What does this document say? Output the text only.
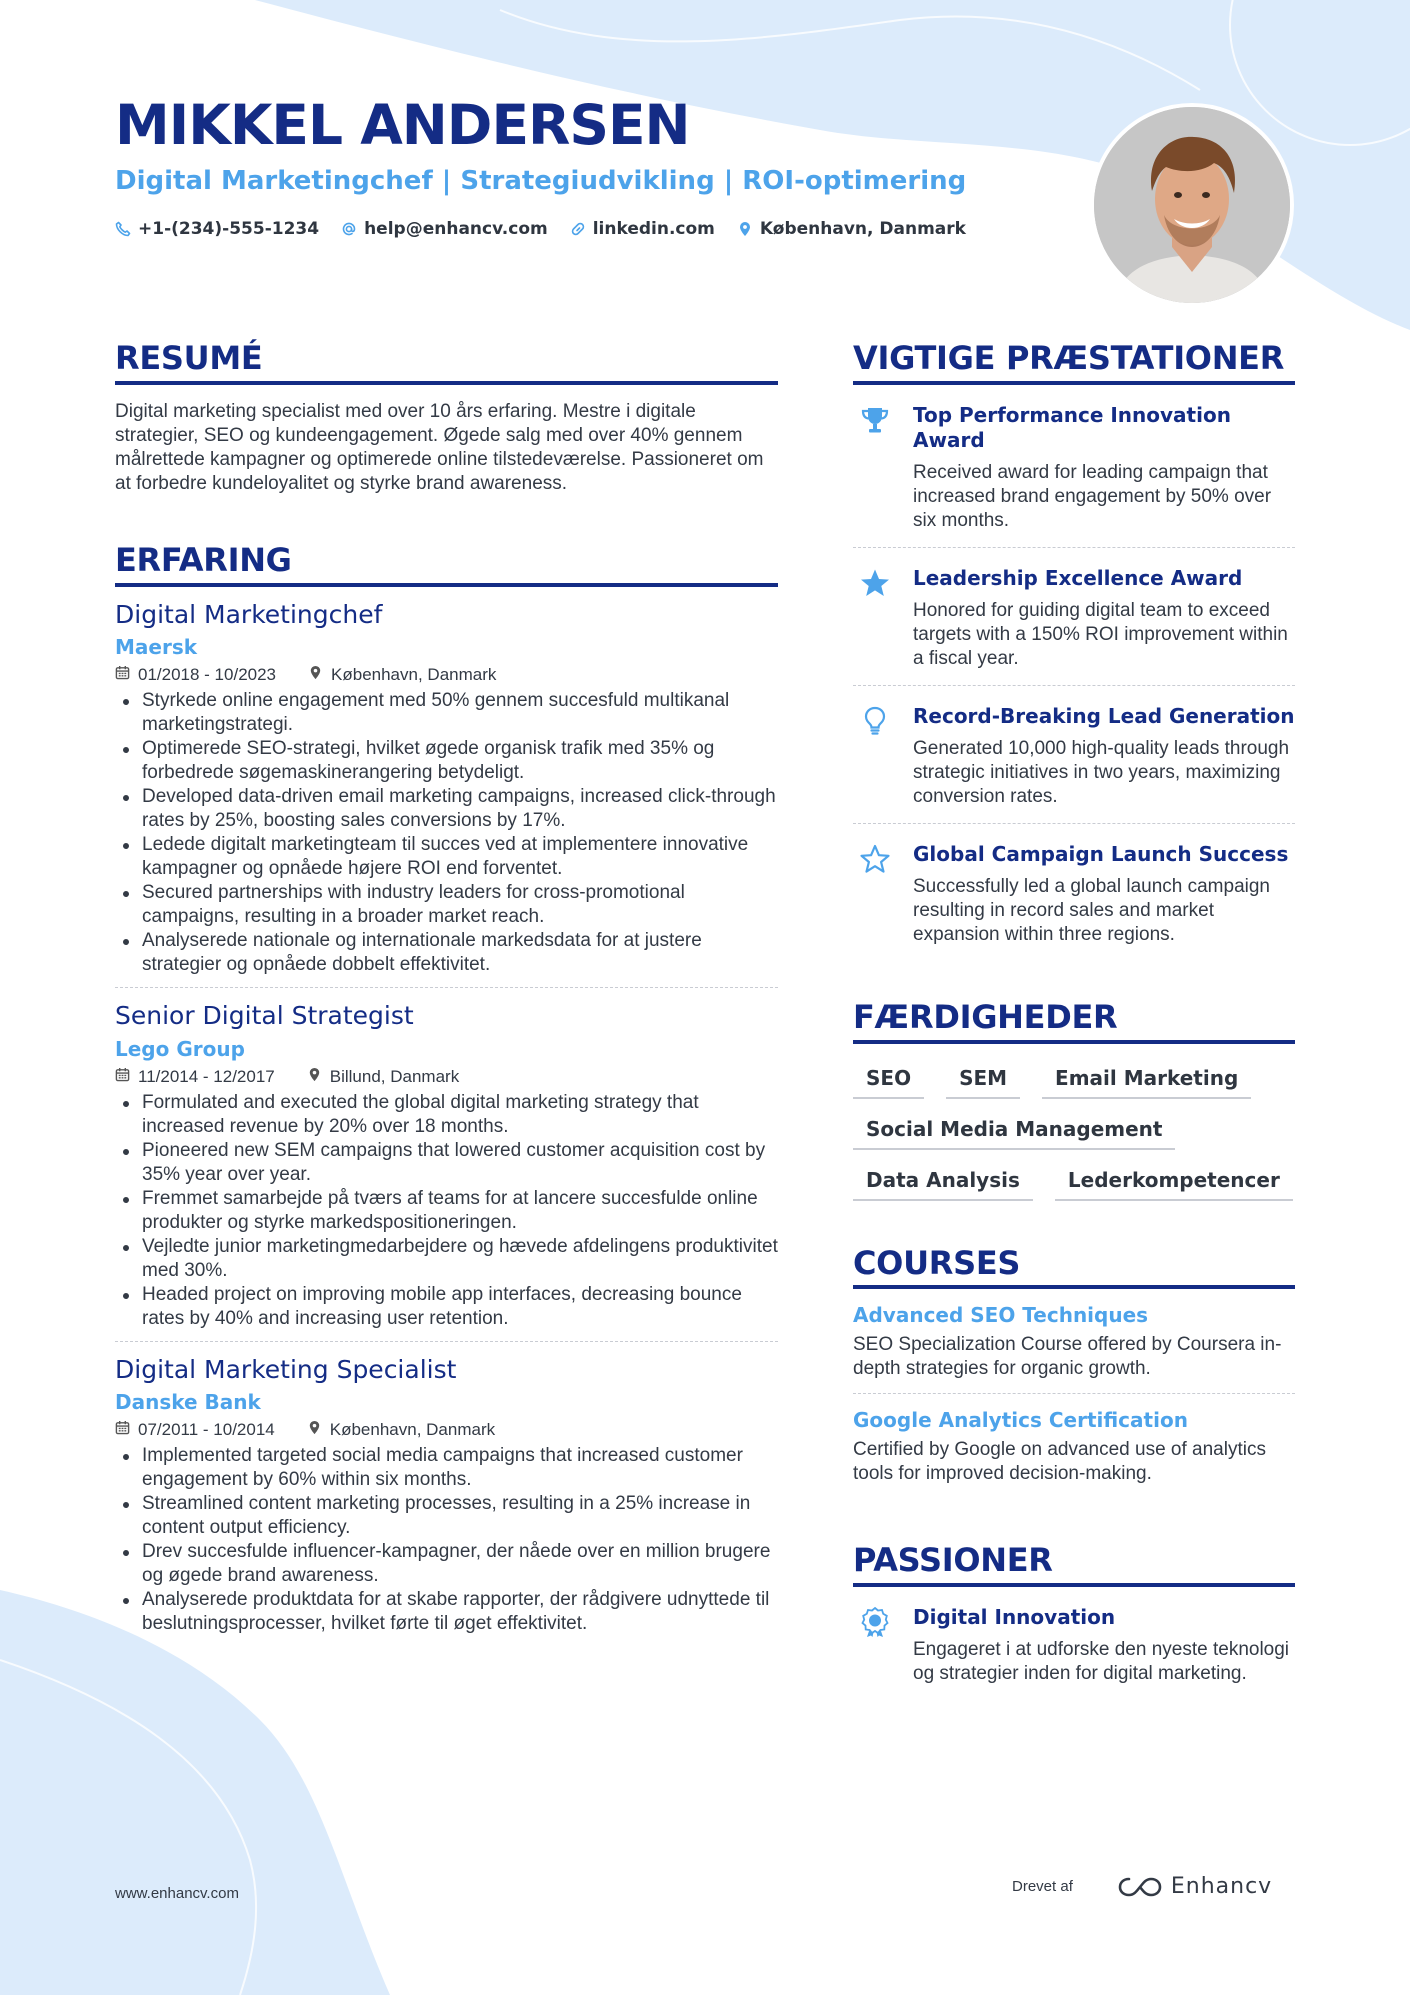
MIKKEL ANDERSEN
Digital Marketingchef | Strategiudvikling | ROI-optimering
+1-(234)-555-1234	help@enhancv.com	linkedin.com	København, Danmark
RESUMÉ

Digital marketing specialist med over 10 års erfaring. Mestre i digitale strategier, SEO og kundeengagement. Øgede salg med over 40% gennem målrettede kampagner og optimerede online tilstedeværelse. Passioneret om at forbedre kundeloyalitet og styrke brand awareness.

ERFARING
Digital Marketingchef
Maersk
01/2018 - 10/2023	København, Danmark
Styrkede online engagement med 50% gennem succesfuld multikanal marketingstrategi.
Optimerede SEO-strategi, hvilket øgede organisk trafik med 35% og forbedrede søgemaskinerangering betydeligt.
Developed data-driven email marketing campaigns, increased click-through rates by 25%, boosting sales conversions by 17%.
Ledede digitalt marketingteam til succes ved at implementere innovative kampagner og opnåede højere ROI end forventet.
Secured partnerships with industry leaders for cross-promotional campaigns, resulting in a broader market reach.
Analyserede nationale og internationale markedsdata for at justere strategier og opnåede dobbelt effektivitet.
Senior Digital Strategist
Lego Group
11/2014 - 12/2017	Billund, Danmark
Formulated and executed the global digital marketing strategy that increased revenue by 20% over 18 months.
Pioneered new SEM campaigns that lowered customer acquisition cost by 35% year over year.
Fremmet samarbejde på tværs af teams for at lancere succesfulde online produkter og styrke markedspositioneringen.
Vejledte junior marketingmedarbejdere og hævede afdelingens produktivitet med 30%.
Headed project on improving mobile app interfaces, decreasing bounce rates by 40% and increasing user retention.
Digital Marketing Specialist
Danske Bank
07/2011 - 10/2014	København, Danmark
Implemented targeted social media campaigns that increased customer engagement by 60% within six months.
Streamlined content marketing processes, resulting in a 25% increase in content output efficiency.
Drev succesfulde influencer-kampagner, der nåede over en million brugere og øgede brand awareness.
Analyserede produktdata for at skabe rapporter, der rådgivere udnyttede til beslutningsprocesser, hvilket førte til øget effektivitet.
VIGTIGE PRÆSTATIONER
Top Performance Innovation Award
Received award for leading campaign that increased brand engagement by 50% over six months.
Leadership Excellence Award
Honored for guiding digital team to exceed targets with a 150% ROI improvement within a fiscal year.
Record-Breaking Lead Generation
Generated 10,000 high-quality leads through strategic initiatives in two years, maximizing conversion rates.
Global Campaign Launch Success
Successfully led a global launch campaign resulting in record sales and market expansion within three regions.
FÆRDIGHEDER
SEO	SEM	Email Marketing
Social Media Management
Data Analysis	Lederkompetencer
COURSES
Advanced SEO Techniques
SEO Specialization Course offered by Coursera in-depth strategies for organic growth.
Google Analytics Certification
Certified by Google on advanced use of analytics tools for improved decision-making.
PASSIONER
Digital Innovation
Engageret i at udforske den nyeste teknologi og strategier inden for digital marketing.
www.enhancv.com	Drevet af	Enhancv
